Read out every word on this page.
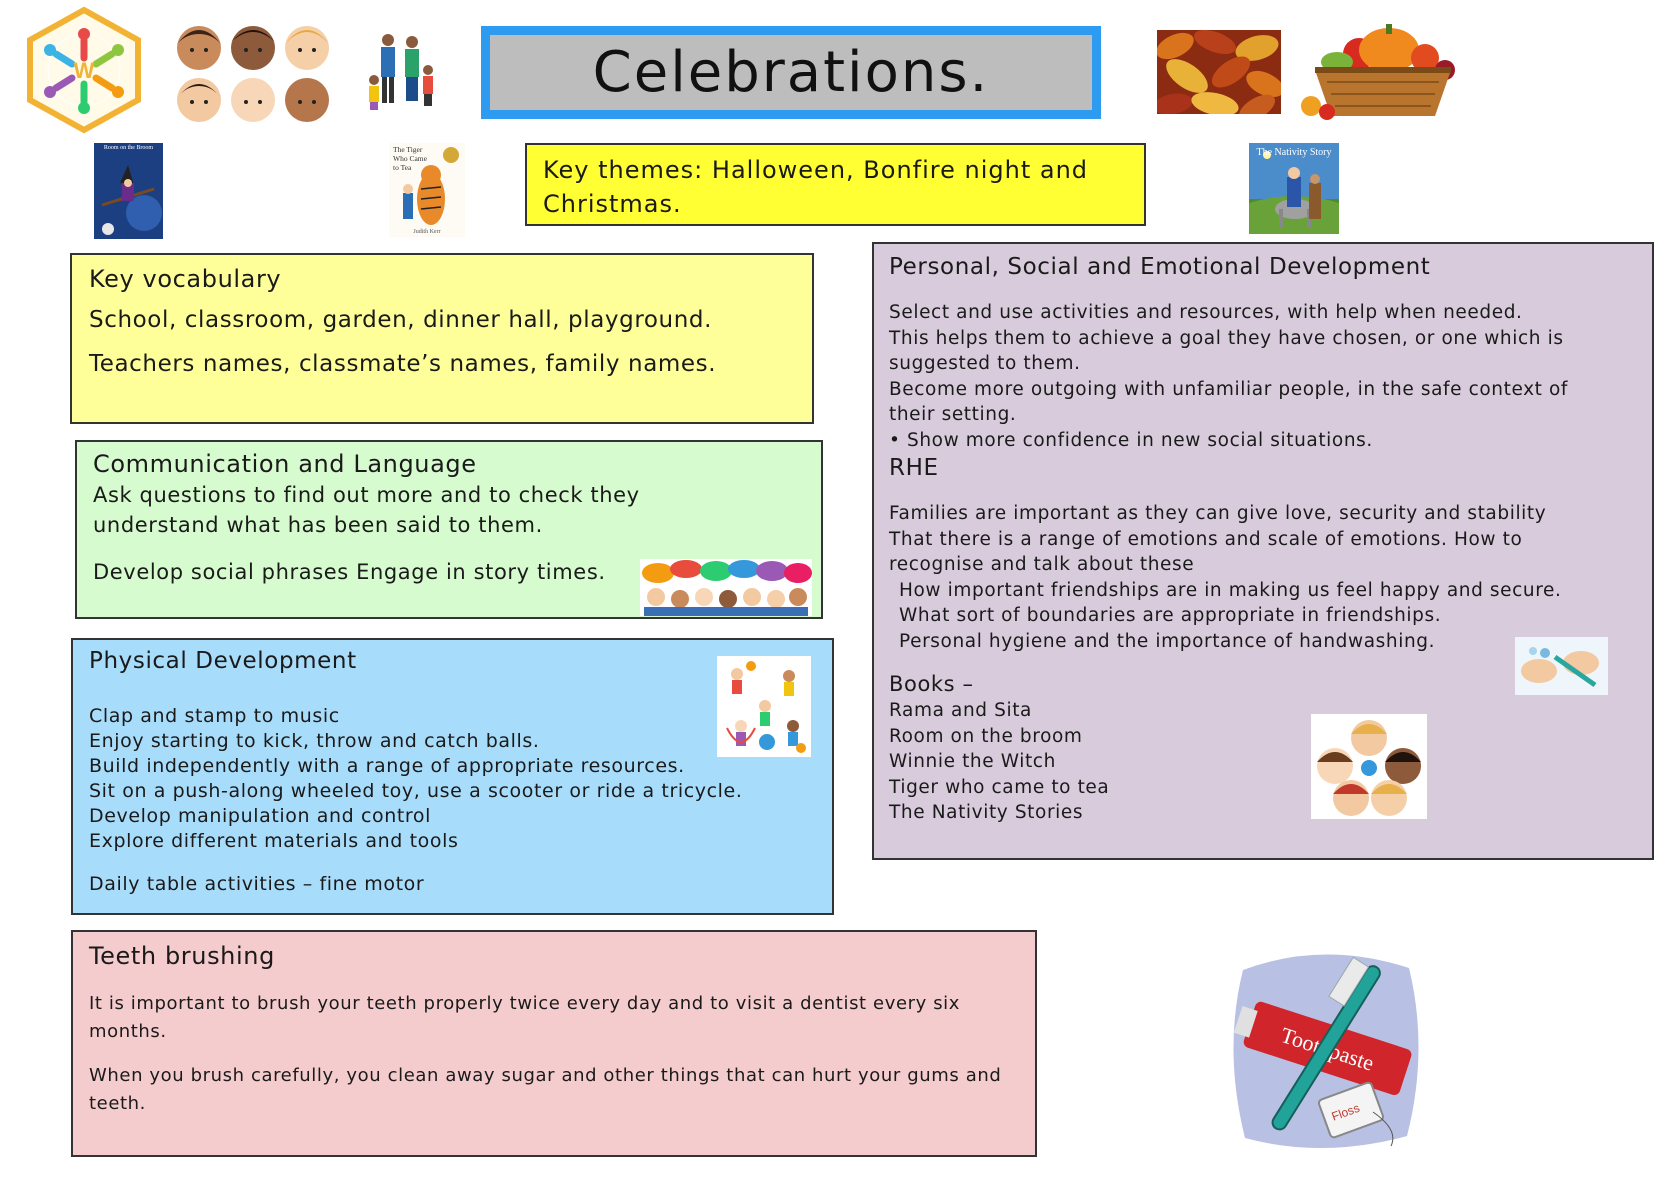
W	Celebrations.
Room on the Broom	The Tiger Who Came to Tea
Judith Kerr
Key themes: Halloween, Bonfire night and Christmas.
The Nativity Story
Key vocabulary

School, classroom, garden, dinner hall, playground.

Teachers names, classmate’s names, family names.

Communication and Language

Ask questions to find out more and to check they

understand what has been said to them.

Develop social phrases Engage in story times.

Physical Development
Clap and stamp to music
Enjoy starting to kick, throw and catch balls.
Build independently with a range of appropriate resources.
Sit on a push-along wheeled toy, use a scooter or ride a tricycle.
Develop manipulation and control
Explore different materials and tools
Daily table activities – fine motor
Teeth brushing

It is important to brush your teeth properly twice every day and to visit a dentist every six months.

When you brush carefully, you clean away sugar and other things that can hurt your gums and teeth.

Personal, Social and Emotional Development
Select and use activities and resources, with help when needed.
This helps them to achieve a goal they have chosen, or one which is
suggested to them.
Become more outgoing with unfamiliar people, in the safe context of
their setting.
• Show more confidence in new social situations.
RHE
Families are important as they can give love, security and stability
That there is a range of emotions and scale of emotions. How to
recognise and talk about these
How important friendships are in making us feel happy and secure.
What sort of boundaries are appropriate in friendships.
Personal hygiene and the importance of handwashing.
Books –
Rama and Sita
Room on the broom
Winnie the Witch
Tiger who came to tea
The Nativity Stories
Floss
